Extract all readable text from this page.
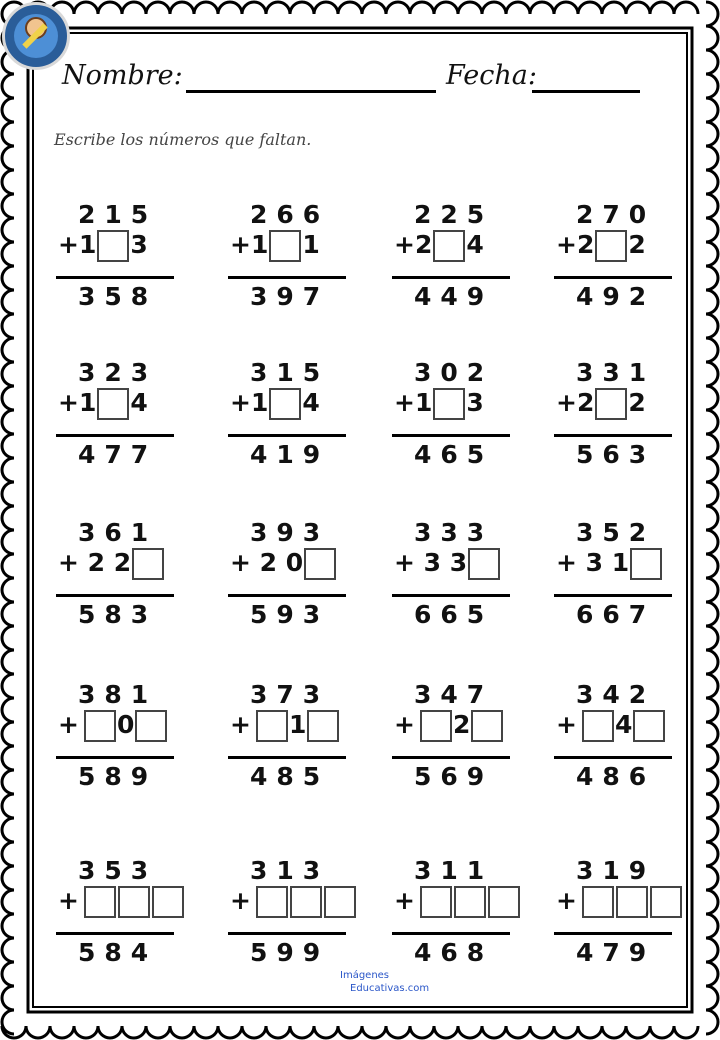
Nombre:	Fecha:
Escribe los números que faltan.
215
+1 3
358
266
+1 1
397
225
+2 4
449
270
+2 2
492
323
+1 4
477
315
+1 4
419
302
+1 3
465
331
+2 2
563
361
+ 2 2
583
393
+ 2 0
593
333
+ 3 3
665
352
+ 3 1
667
381
+ 0
589
373
+ 1
485
347
+ 2
569
342
+ 4
486
353
+
584
313
+
599
311
+
468
319
+
479
Imágenes
Educativas.com
